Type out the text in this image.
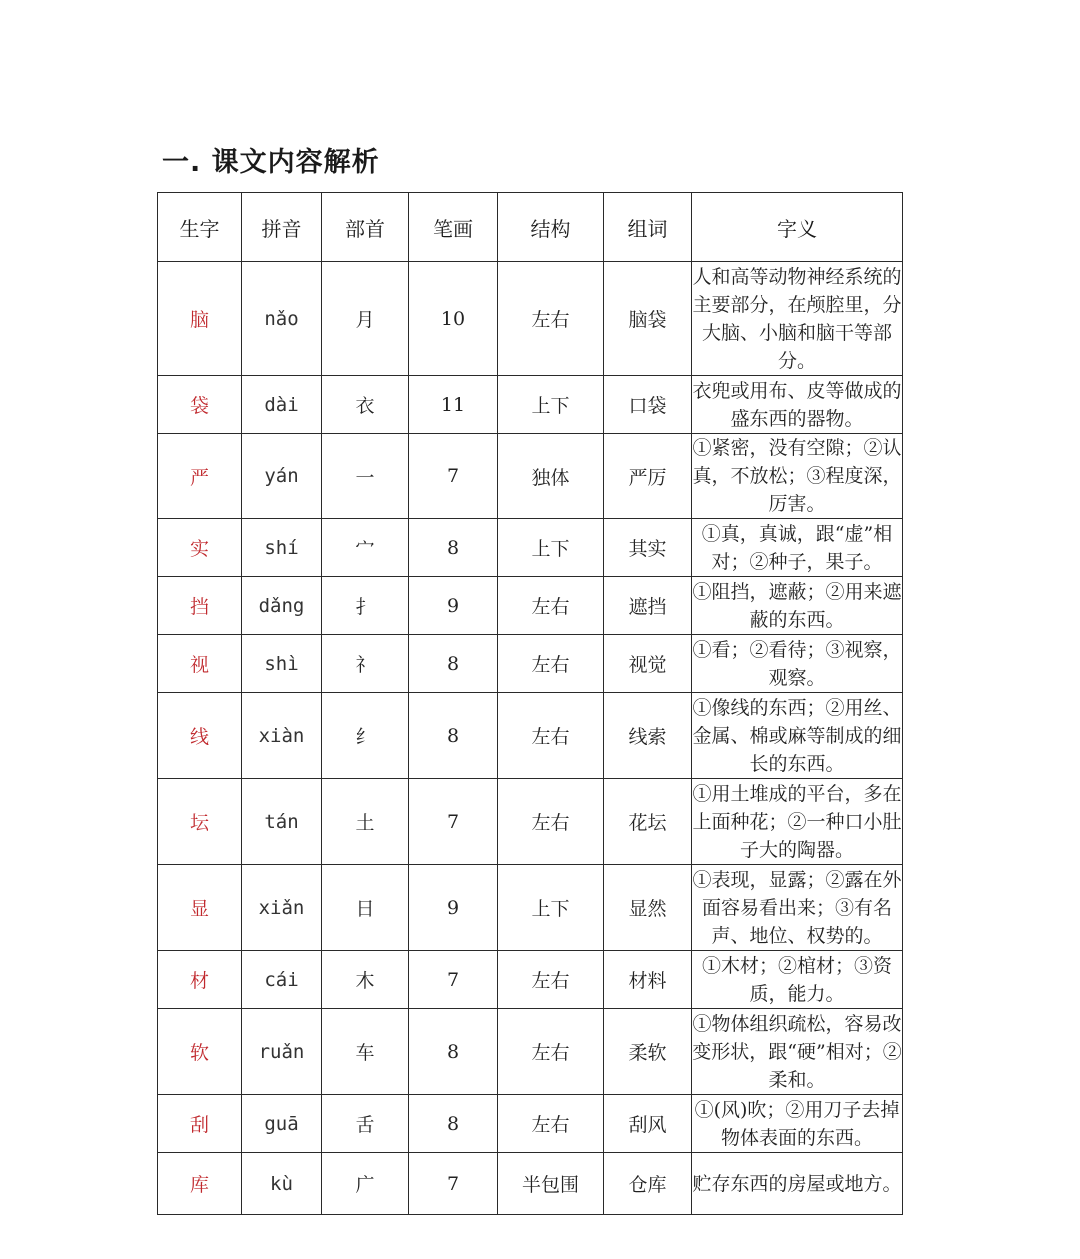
一. 课文内容解析
生字	拼音	部首	笔画	结构	组词	字义
脑	nǎo	月	10	左右	脑袋	人和高等动物神经系统的主要部分，在颅腔里，分大脑、小脑和脑干等部分。
袋	dài	衣	11	上下	口袋	衣兜或用布、皮等做成的盛东西的器物。
严	yán	一	7	独体	严厉	①紧密，没有空隙；②认真，不放松；③程度深，厉害。
实	shí	宀	8	上下	其实	①真，真诚，跟“虚”相对；②种子，果子。
挡	dǎng	扌	9	左右	遮挡	①阻挡，遮蔽；②用来遮蔽的东西。
视	shì	礻	8	左右	视觉	①看；②看待；③视察，观察。
线	xiàn	纟	8	左右	线索	①像线的东西；②用丝、金属、棉或麻等制成的细长的东西。
坛	tán	土	7	左右	花坛	①用土堆成的平台，多在上面种花；②一种口小肚子大的陶器。
显	xiǎn	日	9	上下	显然	①表现，显露；②露在外面容易看出来；③有名声、地位、权势的。
材	cái	木	7	左右	材料	①木材；②棺材；③资质，能力。
软	ruǎn	车	8	左右	柔软	①物体组织疏松，容易改变形状，跟“硬”相对；②柔和。
刮	guā	舌	8	左右	刮风	①(风)吹；②用刀子去掉物体表面的东西。
库	kù	广	7	半包围	仓库	贮存东西的房屋或地方。
